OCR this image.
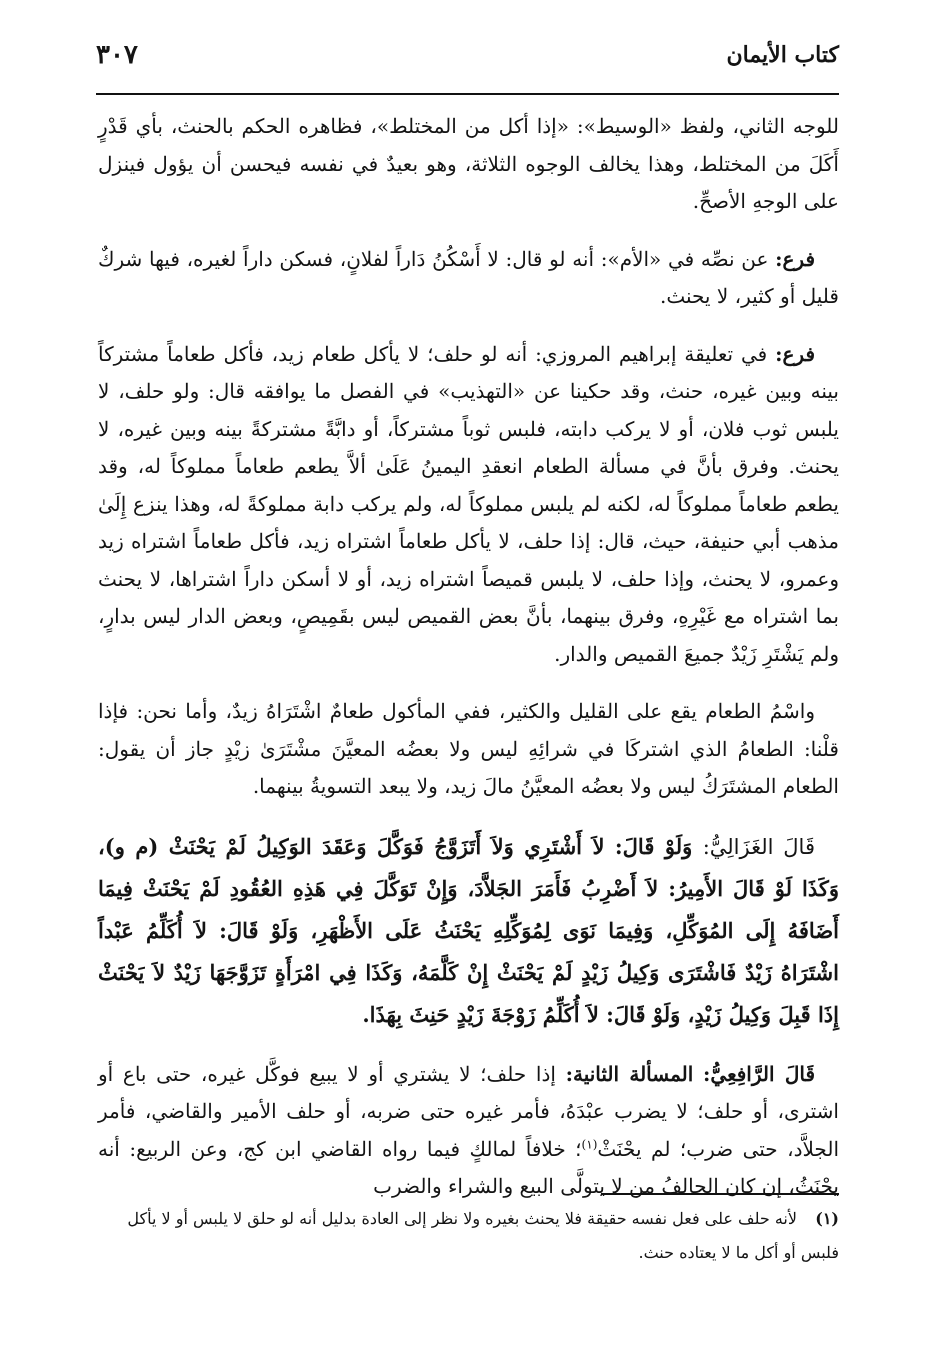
كتاب الأيمان
٣٠٧

للوجه الثاني، ولفظ «الوسيط»: «إذا أكل من المختلط»، فظاهره الحكم بالحنث، بأي قَدْرٍ أَكَلَ من المختلط، وهذا يخالف الوجوه الثلاثة، وهو بعيدٌ في نفسه فيحسن أن يؤول فينزل على الوجهِ الأصحِّ.

فرع: عن نصِّه في «الأم»: أنه لو قال: لا أَسْكُنُ دَاراً لفلانٍ، فسكن داراً لغيره، فيها شركٌ قليل أو كثير، لا يحنث.

فرع: في تعليقة إبراهيم المروزي: أنه لو حلف؛ لا يأكل طعام زيد، فأكل طعاماً مشتركاً بينه وبين غيره، حنث، وقد حكينا عن «التهذيب» في الفصل ما يوافقه قال: ولو حلف، لا يلبس ثوب فلان، أو لا يركب دابته، فلبس ثوباً مشتركاً، أو دابَّةً مشتركةً بينه وبين غيره، لا يحنث. وفرق بأنَّ في مسألة الطعام انعقدِ اليمينُ عَلَىٰ ألاَّ يطعم طعاماً مملوكاً له، وقد يطعم طعاماً مملوكاً له، لكنه لم يلبس مملوكاً له، ولم يركب دابة مملوكةً له، وهذا ينزع إِلَىٰ مذهب أبي حنيفة، حيث، قال: إذا حلف، لا يأكل طعاماً اشتراه زيد، فأكل طعاماً اشتراه زيد وعمرو، لا يحنث، وإذا حلف، لا يلبس قميصاً اشتراه زيد، أو لا أسكن داراً اشتراها، لا يحنث بما اشتراه مع غَيْرِهِ، وفرق بينهما، بأنَّ بعض القميص ليس بقَمِيصٍ، وبعض الدار ليس بدارٍ، ولم يَشْتَرِ زَيْدٌ جميعَ القميص والدار.

واسْمُ الطعام يقع على القليل والكثير، ففي المأكول طعامٌ اشْتَرَاهُ زيدٌ، وأما نحن: فإذا قلْنا: الطعامُ الذي اشتركَا في شرائِهِ ليس ولا بعضُه المعيَّنَ مشْتَرَىٰ زيْدٍ جاز أن يقول: الطعام المشتَرَكُ ليس ولا بعضُه المعيَّنُ مالَ زيد، ولا يبعد التسويةُ بينهما.

قَالَ الغَزَالِيُّ: وَلَوْ قَالَ: لاَ أَشْتَرِي وَلاَ أَتَزَوَّجُ فَوَكَّلَ وَعَقَدَ الوَكِيلُ لَمْ يَحْنَثْ (م و)، وَكَذَا لَوْ قَالَ الأَمِيرُ: لاَ أَضْرِبُ فَأَمَرَ الجَلاَّدَ، وَإِنْ تَوَكَّلَ فِي هَذِهِ العُقُودِ لَمْ يَحْنَثْ فِيمَا أَضَافَهُ إِلَى المُوَكِّلِ، وَفِيمَا نَوَى لِمُوَكِّلِهِ يَحْنَثُ عَلَى الأَظْهَرِ، وَلَوْ قَالَ: لاَ أُكَلِّمُ عَبْداً اشْتَرَاهُ زَيْدٌ فَاشْتَرَى وَكِيلُ زَيْدٍ لَمْ يَحْنَثْ إِنْ كَلَّمَهُ، وَكَذَا فِي امْرَأَةٍ تَزَوَّجَهَا زَيْدٌ لاَ يَحْنَثْ إِذَا قَبِلَ وَكِيلُ زَيْدٍ، وَلَوْ قَالَ: لاَ أُكَلِّمُ زَوْجَةَ زَيْدٍ حَنِثَ بِهَذَا.

قَالَ الرَّافِعِيُّ: المسألة الثانية: إذا حلف؛ لا يشتري أو لا يبيع فوكَّل غيره، حتى باع أو اشترى، أو حلف؛ لا يضرب عبْدَهُ، فأمر غيره حتى ضربه، أو حلف الأمير والقاضي، فأمر الجلاَّد، حتى ضرب؛ لم يحْنَثْ$^{(١)}$؛ خلافاً لمالكٍ فيما رواه القاضي ابن كج، وعن الربيع: أنه يحْنَثُ، إن كان الحالفُ من لا يتولَّى البيع والشراء والضرب

(١)لأنه حلف على فعل نفسه حقيقة فلا يحنث بغيره ولا نظر إلى العادة بدليل أنه لو حلق لا يلبس أو لا يأكل فلبس أو أكل ما لا يعتاده حنث.
